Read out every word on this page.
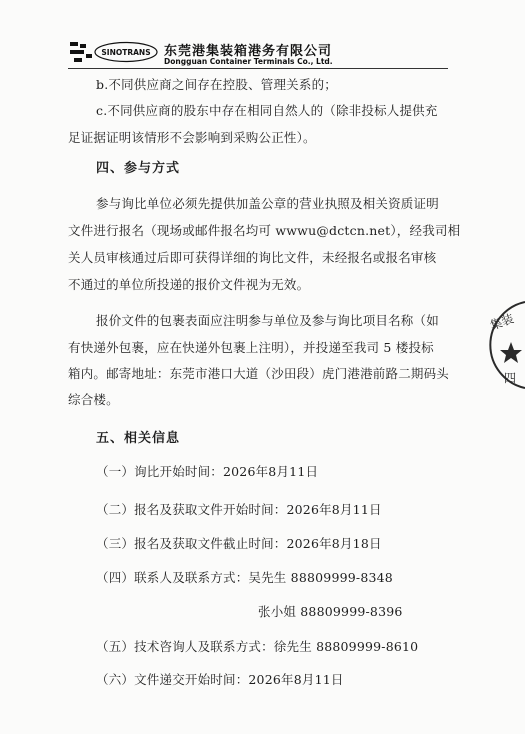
SINOTRANS 东莞港集装箱港务有限公司
Dongguan Container Terminals Co., Ltd.
b.不同供应商之间存在控股、管理关系的；
c.不同供应商的股东中存在相同自然人的（除非投标人提供充
足证据证明该情形不会影响到采购公正性）。
四、参与方式
参与询比单位必须先提供加盖公章的营业执照及相关资质证明
文件进行报名（现场或邮件报名均可 wwwu@dctcn.net），经我司相
关人员审核通过后即可获得详细的询比文件，未经报名或报名审核
不通过的单位所投递的报价文件视为无效。
报价文件的包裹表面应注明参与单位及参与询比项目名称（如
有快递外包裹，应在快递外包裹上注明），并投递至我司 5 楼投标
箱内。邮寄地址：东莞市港口大道（沙田段）虎门港港前路二期码头
综合楼。
五、相关信息
（一）询比开始时间：2026年8月11日
（二）报名及获取文件开始时间：2026年8月11日
（三）报名及获取文件截止时间：2026年8月18日
（四）联系人及联系方式：吴先生 88809999-8348
张小姐 88809999-8396
（五）技术咨询人及联系方式：徐先生 88809999-8610
（六）文件递交开始时间：2026年8月11日
集装
四
